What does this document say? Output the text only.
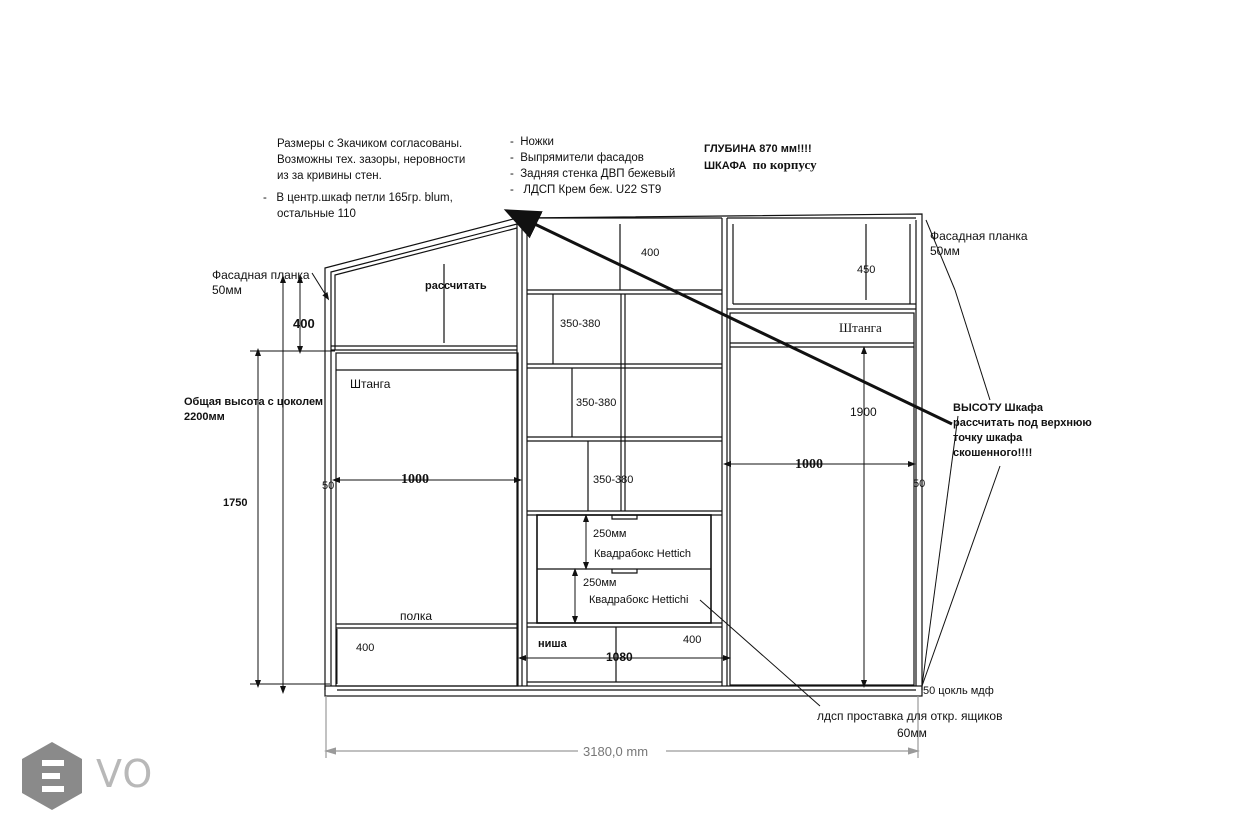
Размеры с Зкачиком согласованы.
Возможны тех. зазоры, неровности
из за кривины стен.
-   В центр.шкаф петли 165гр. blum,
остальные 110
-  Ножки
-  Выпрямители фасадов
-  Задняя стенка ДВП бежевый
-   ЛДСП Крем беж. U22 ST9
ГЛУБИНА 870 мм!!!!
ШКАФА  по корпусу
ВЫСОТУ Шкафа
рассчитать под верхнюю
точку шкафа
скошенного!!!!
Фасадная планка
50мм
Фасадная планка
50мм
рассчитать
400
Штанга
Общая высота с цоколем
2200мм
1750
50	1000
полка
400
400
350-380
350-380
350-380
250мм
Квадрабокс Hettich
250мм
Квадрабокс Hettichi
ниша
1080
400
450
Штанга
1900
1000
50
50 цокль мдф
лдсп проставка для откр. ящиков
60мм
3180,0 mm
VO
